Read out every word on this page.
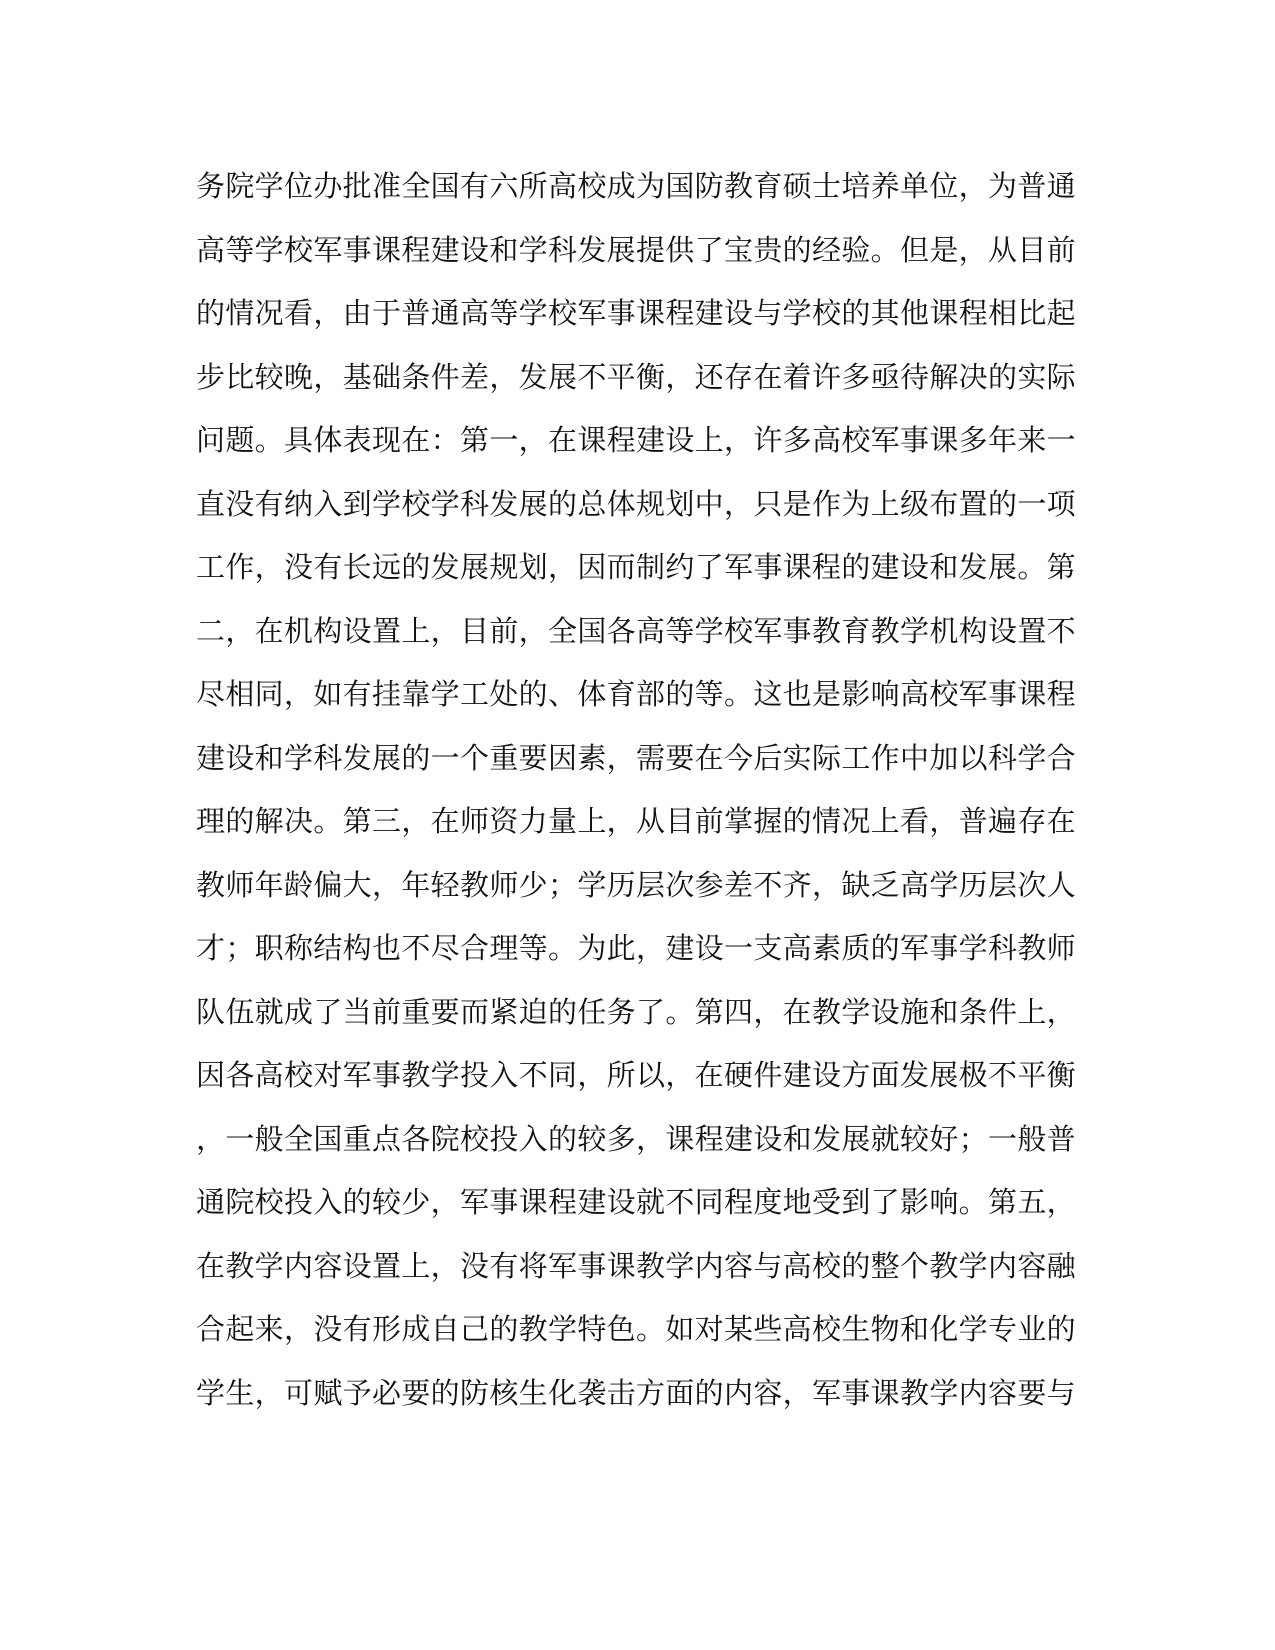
务院学位办批准全国有六所高校成为国防教育硕士培养单位，为普通
高等学校军事课程建设和学科发展提供了宝贵的经验。但是，从目前
的情况看，由于普通高等学校军事课程建设与学校的其他课程相比起
步比较晚，基础条件差，发展不平衡，还存在着许多亟待解决的实际
问题。具体表现在：第一，在课程建设上，许多高校军事课多年来一
直没有纳入到学校学科发展的总体规划中，只是作为上级布置的一项
工作，没有长远的发展规划，因而制约了军事课程的建设和发展。第
二，在机构设置上，目前，全国各高等学校军事教育教学机构设置不
尽相同，如有挂靠学工处的、体育部的等。这也是影响高校军事课程
建设和学科发展的一个重要因素，需要在今后实际工作中加以科学合
理的解决。第三，在师资力量上，从目前掌握的情况上看，普遍存在
教师年龄偏大，年轻教师少；学历层次参差不齐，缺乏高学历层次人
才；职称结构也不尽合理等。为此，建设一支高素质的军事学科教师
队伍就成了当前重要而紧迫的任务了。第四，在教学设施和条件上，
因各高校对军事教学投入不同，所以，在硬件建设方面发展极不平衡
，一般全国重点各院校投入的较多，课程建设和发展就较好；一般普
通院校投入的较少，军事课程建设就不同程度地受到了影响。第五，
在教学内容设置上，没有将军事课教学内容与高校的整个教学内容融
合起来，没有形成自己的教学特色。如对某些高校生物和化学专业的
学生，可赋予必要的防核生化袭击方面的内容，军事课教学内容要与
